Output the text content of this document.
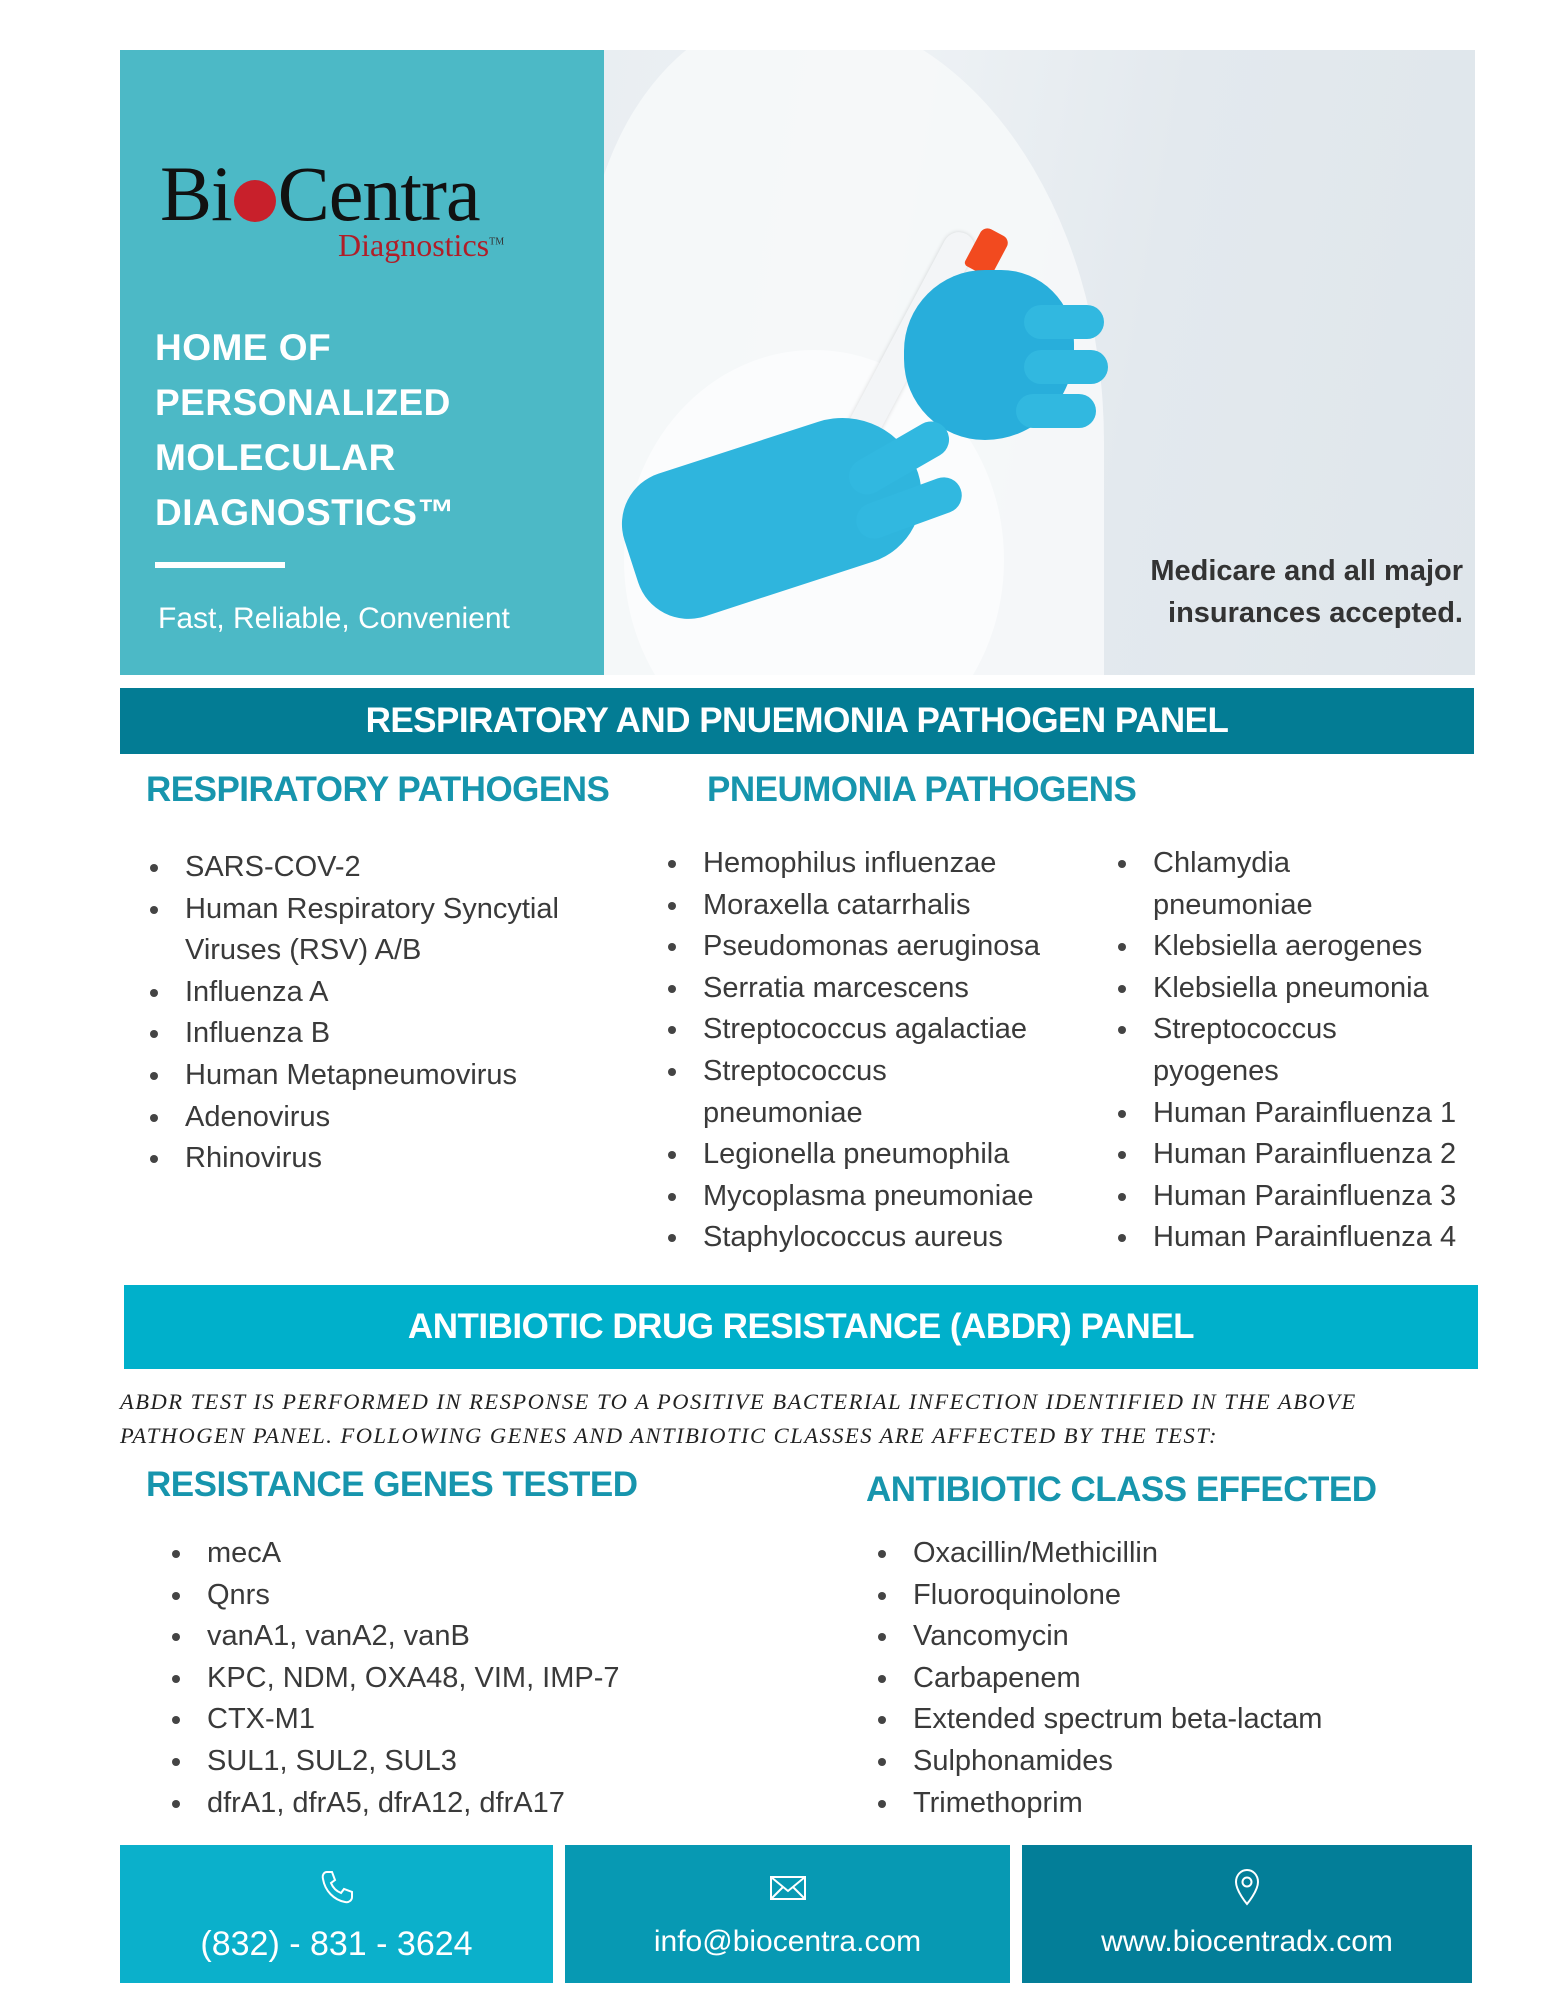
Bi Centra
Diagnostics™
HOME OF PERSONALIZED MOLECULAR DIAGNOSTICS™
Fast, Reliable, Convenient
Medicare and all major insurances accepted.
RESPIRATORY AND PNUEMONIA PATHOGEN PANEL
RESPIRATORY PATHOGENS	PNEUMONIA PATHOGENS
SARS-COV-2
Human Respiratory Syncytial Viruses (RSV) A/B
Influenza A
Influenza B
Human Metapneumovirus
Adenovirus
Rhinovirus
Hemophilus influenzae
Moraxella catarrhalis
Pseudomonas aeruginosa
Serratia marcescens
Streptococcus agalactiae
Streptococcus pneumoniae
Legionella pneumophila
Mycoplasma pneumoniae
Staphylococcus aureus
Chlamydia pneumoniae
Klebsiella aerogenes
Klebsiella pneumonia
Streptococcus pyogenes
Human Parainfluenza 1
Human Parainfluenza 2
Human Parainfluenza 3
Human Parainfluenza 4
ANTIBIOTIC DRUG RESISTANCE (ABDR) PANEL
ABDR TEST IS PERFORMED IN RESPONSE TO A POSITIVE BACTERIAL INFECTION IDENTIFIED IN THE ABOVE PATHOGEN PANEL. FOLLOWING GENES AND ANTIBIOTIC CLASSES ARE AFFECTED BY THE TEST:
RESISTANCE GENES TESTED	ANTIBIOTIC CLASS EFFECTED
mecA
Qnrs
vanA1, vanA2, vanB
KPC, NDM, OXA48, VIM, IMP-7
CTX-M1
SUL1, SUL2, SUL3
dfrA1, dfrA5, dfrA12, dfrA17
Oxacillin/Methicillin
Fluoroquinolone
Vancomycin
Carbapenem
Extended spectrum beta-lactam
Sulphonamides
Trimethoprim
(832) - 831 - 3624	info@biocentra.com	www.biocentradx.com
